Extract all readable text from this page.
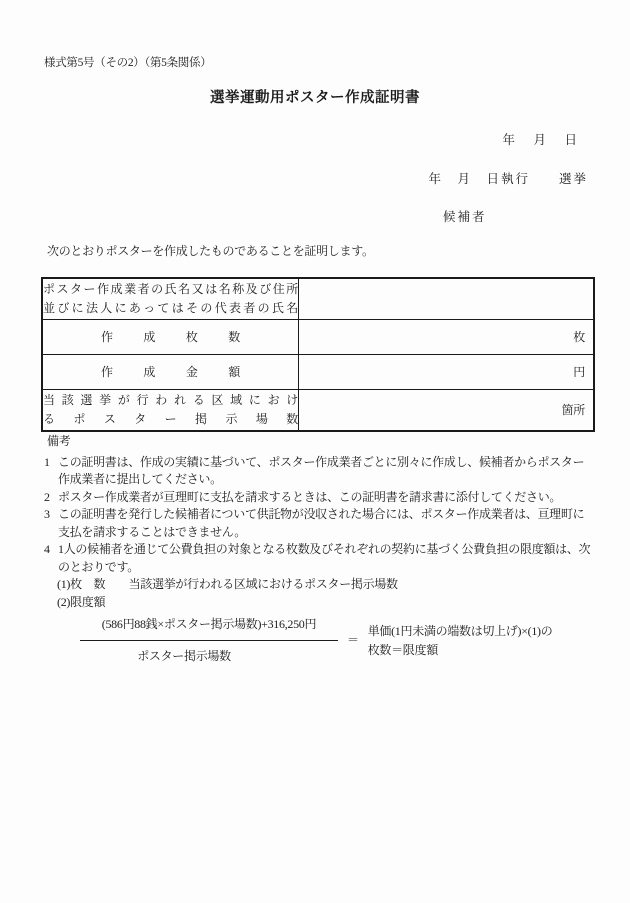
様式第5号（その2）（第5条関係）
選挙運動用ポスター作成証明書
年　月　日
年　月　日執行　　選挙
候補者
次のとおりポスターを作成したものであることを証明します。
ポスター作成業者の氏名又は名称及び住所
並びに法人にあってはその代表者の氏名	

作成枚数	枚

作成金額	円

当該選挙が行われる区域におけ
るポスター掲示場数	箇所
備考
1 この証明書は、作成の実績に基づいて、ポスター作成業者ごとに別々に作成し、候補者からポスター作成業者に提出してください。
2 ポスター作成業者が亘理町に支払を請求するときは、この証明書を請求書に添付してください。
3 この証明書を発行した候補者について供託物が没収された場合には、ポスター作成業者は、亘理町に支払を請求することはできません。
4 1人の候補者を通じて公費負担の対象となる枚数及びそれぞれの契約に基づく公費負担の限度額は、次のとおりです。
(1)枚　数　　当該選挙が行われる区域におけるポスター掲示場数
(2)限度額
$\frac{\text{(586円88銭×ポスター掲示場数)+316,250円}}{\text{ポスター掲示場数}}$ ＝
単価(1円未満の端数は切上げ)×(1)の
枚数＝限度額
